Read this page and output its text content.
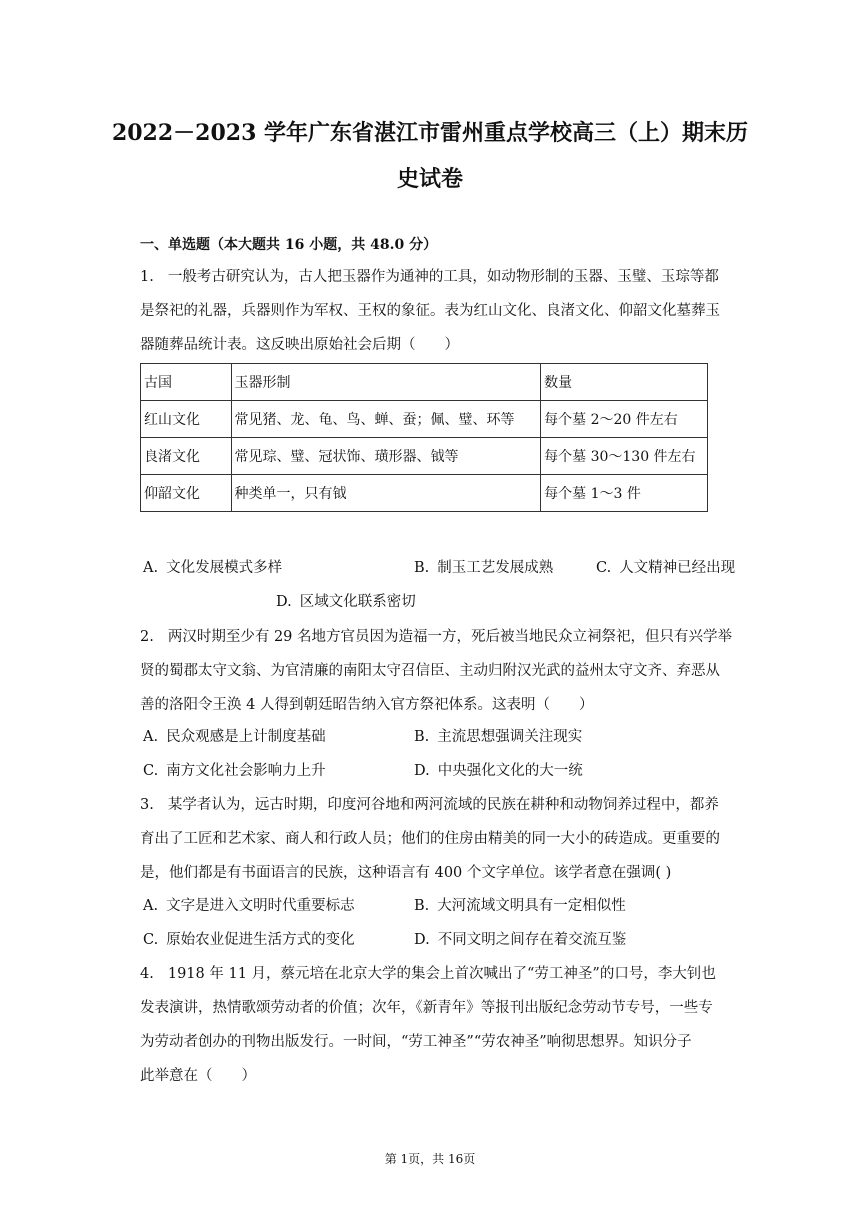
2022－2023 学年广东省湛江市雷州重点学校高三（上）期末历
史试卷

一、单选题（本大题共 16 小题，共 48.0 分）

1. 一般考古研究认为，古人把玉器作为通神的工具，如动物形制的玉器、玉璧、玉琮等都
是祭祀的礼器，兵器则作为军权、王权的象征。表为红山文化、良渚文化、仰韶文化墓葬玉
器随葬品统计表。这反映出原始社会后期（　　）
古国	玉器形制	数量
红山文化	常见猪、龙、龟、鸟、蝉、蚕；佩、璧、环等	每个墓 2～20 件左右
良渚文化	常见琮、璧、冠状饰、璜形器、钺等	每个墓 30～130 件左右
仰韶文化	种类单一，只有钺	每个墓 1～3 件
A. 文化发展模式多样	B. 制玉工艺发展成熟	C. 人文精神已经出现
D. 区域文化联系密切
2. 两汉时期至少有 29 名地方官员因为造福一方，死后被当地民众立祠祭祀，但只有兴学举
贤的蜀郡太守文翁、为官清廉的南阳太守召信臣、主动归附汉光武的益州太守文齐、弃恶从
善的洛阳令王涣 4 人得到朝廷昭告纳入官方祭祀体系。这表明（　　）
A. 民众观感是上计制度基础	B. 主流思想强调关注现实
C. 南方文化社会影响力上升	D. 中央强化文化的大一统
3. 某学者认为，远古时期，印度河谷地和两河流域的民族在耕种和动物饲养过程中，都养
育出了工匠和艺术家、商人和行政人员；他们的住房由精美的同一大小的砖造成。更重要的
是，他们都是有书面语言的民族，这种语言有 400 个文字单位。该学者意在强调( )
A. 文字是进入文明时代重要标志	B. 大河流域文明具有一定相似性
C. 原始农业促进生活方式的变化	D. 不同文明之间存在着交流互鉴
4. 1918 年 11 月，蔡元培在北京大学的集会上首次喊出了“劳工神圣”的口号，李大钊也
发表演讲，热情歌颂劳动者的价值；次年，《新青年》等报刊出版纪念劳动节专号，一些专
为劳动者创办的刊物出版发行。一时间，“劳工神圣”“劳农神圣”响彻思想界。知识分子
此举意在（　　）
第 1页，共 16页
